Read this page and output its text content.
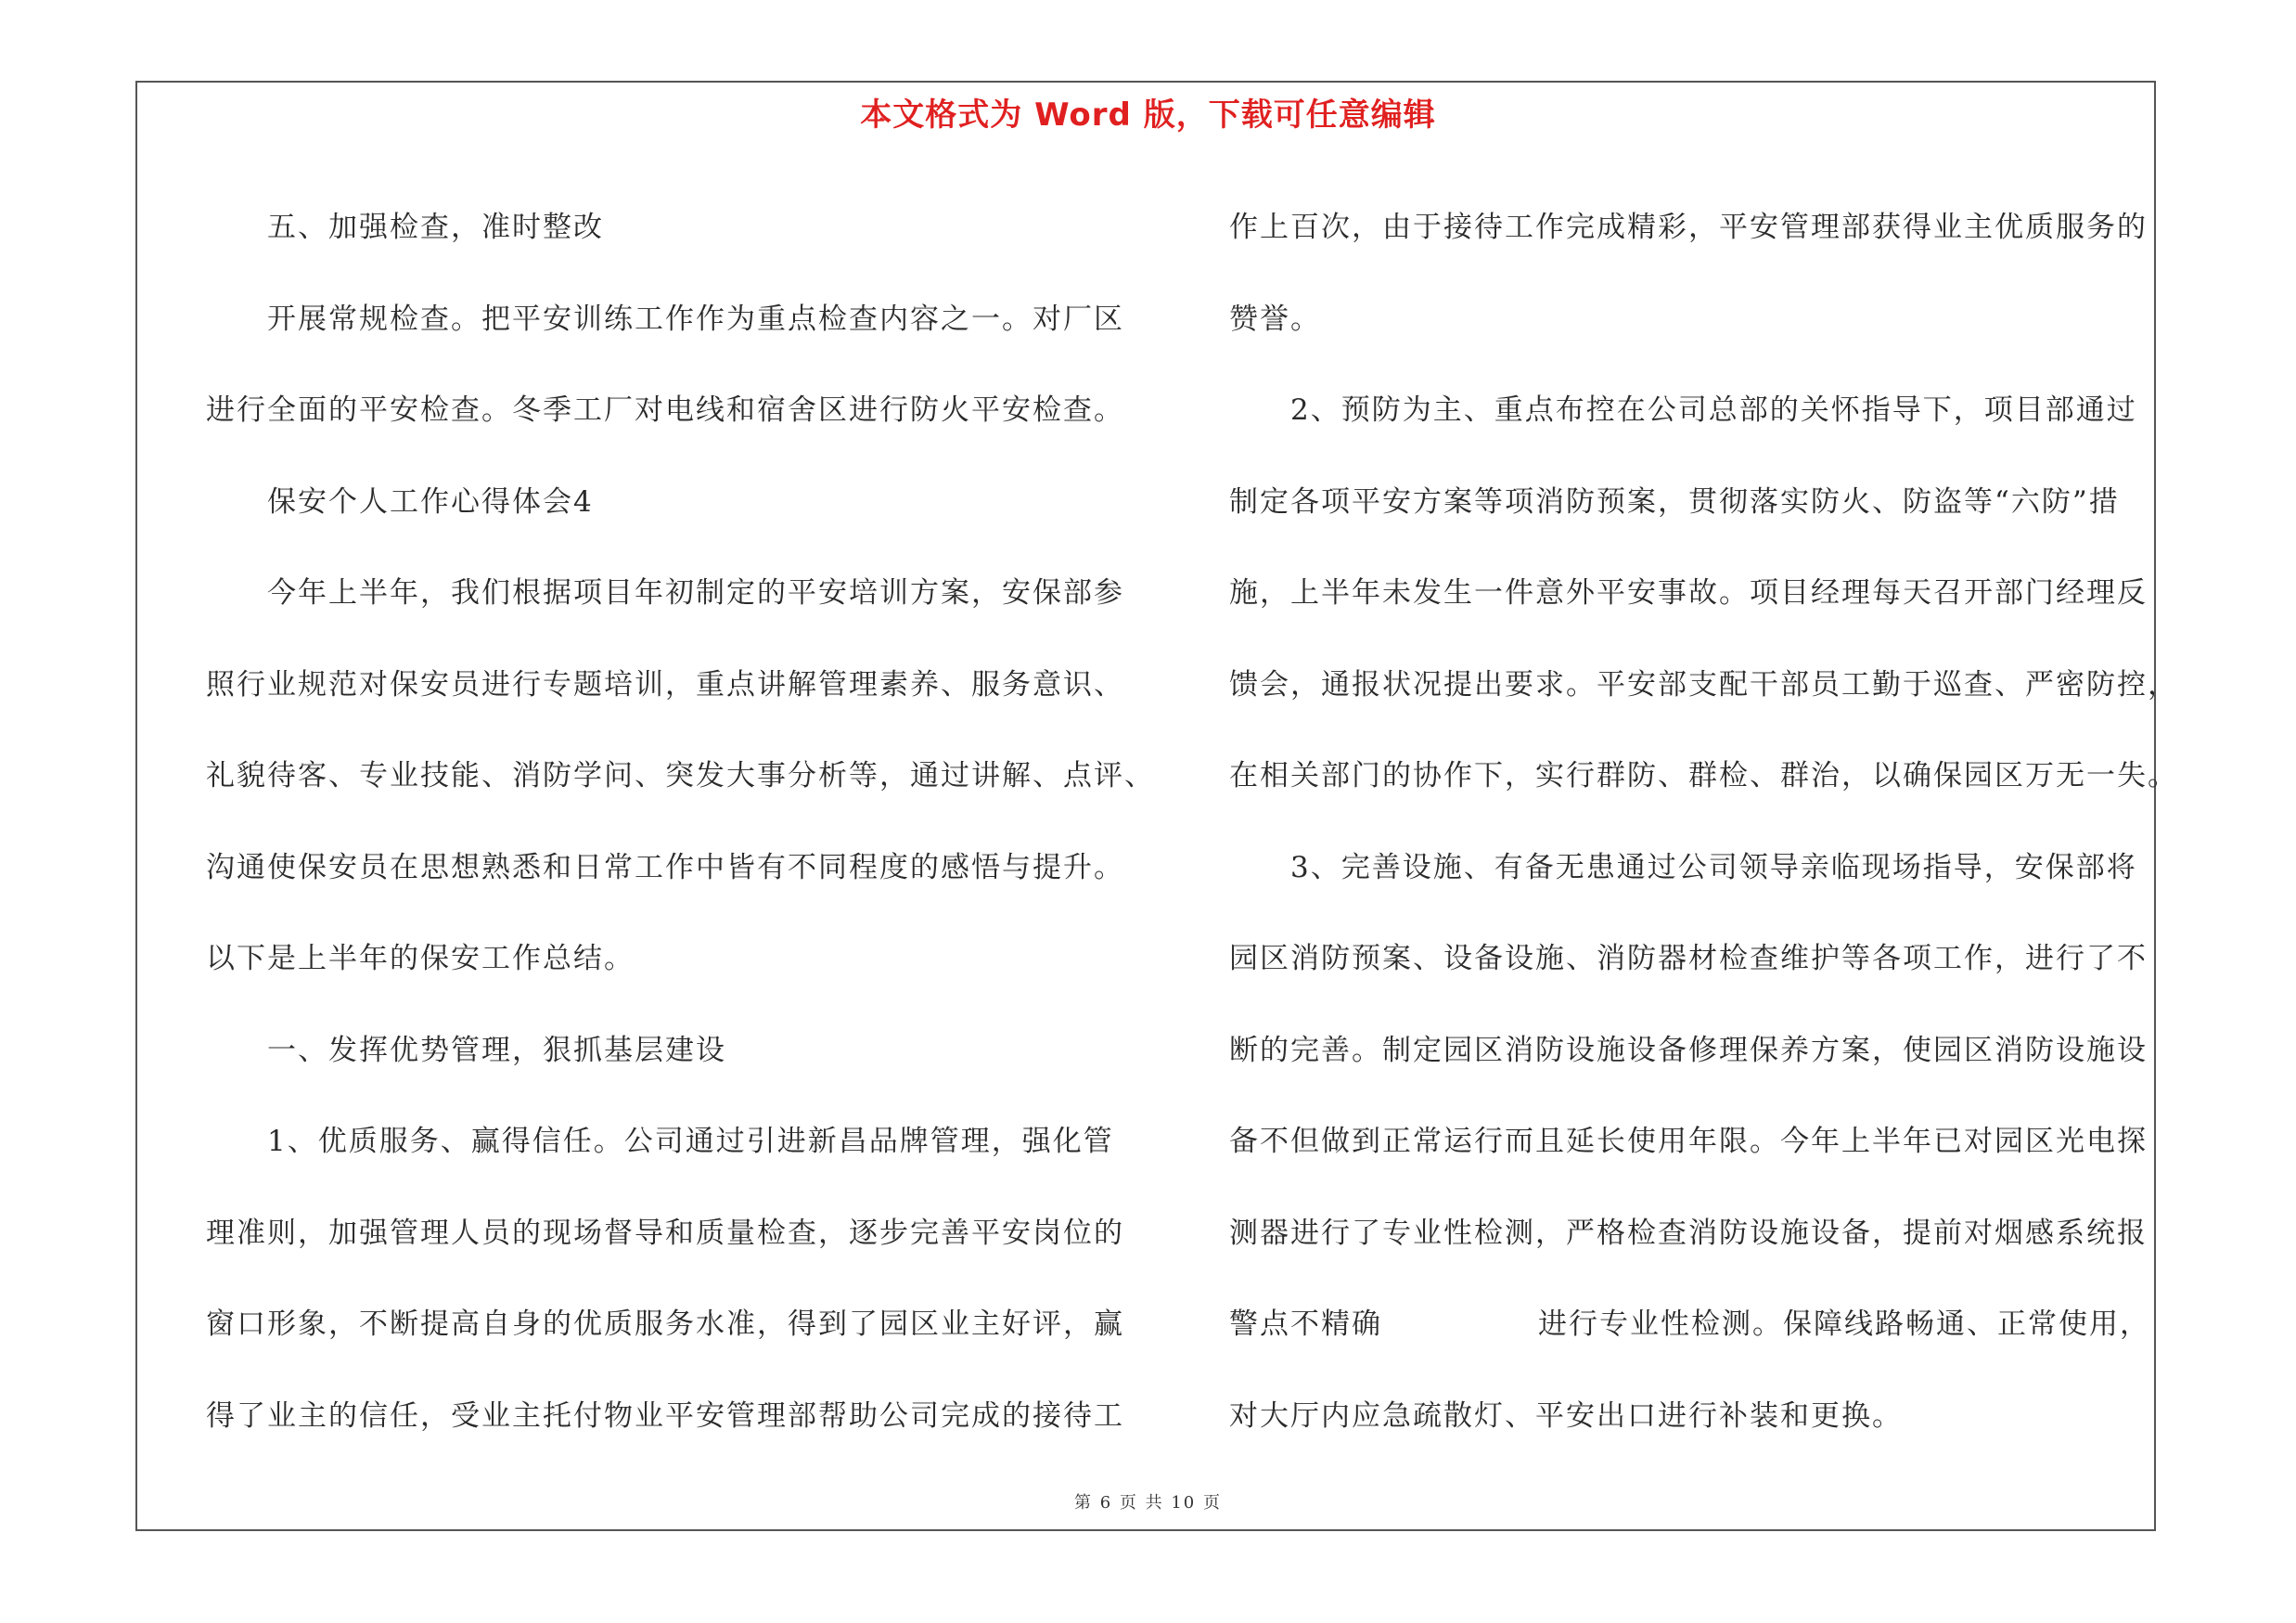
本文格式为 Word 版，下载可任意编辑
五、加强检查，准时整改
开展常规检查。把平安训练工作作为重点检查内容之一。对厂区
进行全面的平安检查。冬季工厂对电线和宿舍区进行防火平安检查。
保安个人工作心得体会4
今年上半年，我们根据项目年初制定的平安培训方案，安保部参
照行业规范对保安员进行专题培训，重点讲解管理素养、服务意识、
礼貌待客、专业技能、消防学问、突发大事分析等，通过讲解、点评、
沟通使保安员在思想熟悉和日常工作中皆有不同程度的感悟与提升。
以下是上半年的保安工作总结。
一、发挥优势管理，狠抓基层建设
1、优质服务、赢得信任。公司通过引进新昌品牌管理，强化管
理准则，加强管理人员的现场督导和质量检查，逐步完善平安岗位的
窗口形象，不断提高自身的优质服务水准，得到了园区业主好评，赢
得了业主的信任，受业主托付物业平安管理部帮助公司完成的接待工
作上百次，由于接待工作完成精彩，平安管理部获得业主优质服务的
赞誉。
2、预防为主、重点布控在公司总部的关怀指导下，项目部通过
制定各项平安方案等项消防预案，贯彻落实防火、防盗等“六防”措
施，上半年未发生一件意外平安事故。项目经理每天召开部门经理反
馈会，通报状况提出要求。平安部支配干部员工勤于巡查、严密防控，
在相关部门的协作下，实行群防、群检、群治，以确保园区万无一失。
3、完善设施、有备无患通过公司领导亲临现场指导，安保部将
园区消防预案、设备设施、消防器材检查维护等各项工作，进行了不
断的完善。制定园区消防设施设备修理保养方案，使园区消防设施设
备不但做到正常运行而且延长使用年限。今年上半年已对园区光电探
测器进行了专业性检测，严格检查消防设施设备，提前对烟感系统报
警点不精确	进行专业性检测。保障线路畅通、正常使用，
对大厅内应急疏散灯、平安出口进行补装和更换。
第 6 页 共 10 页
